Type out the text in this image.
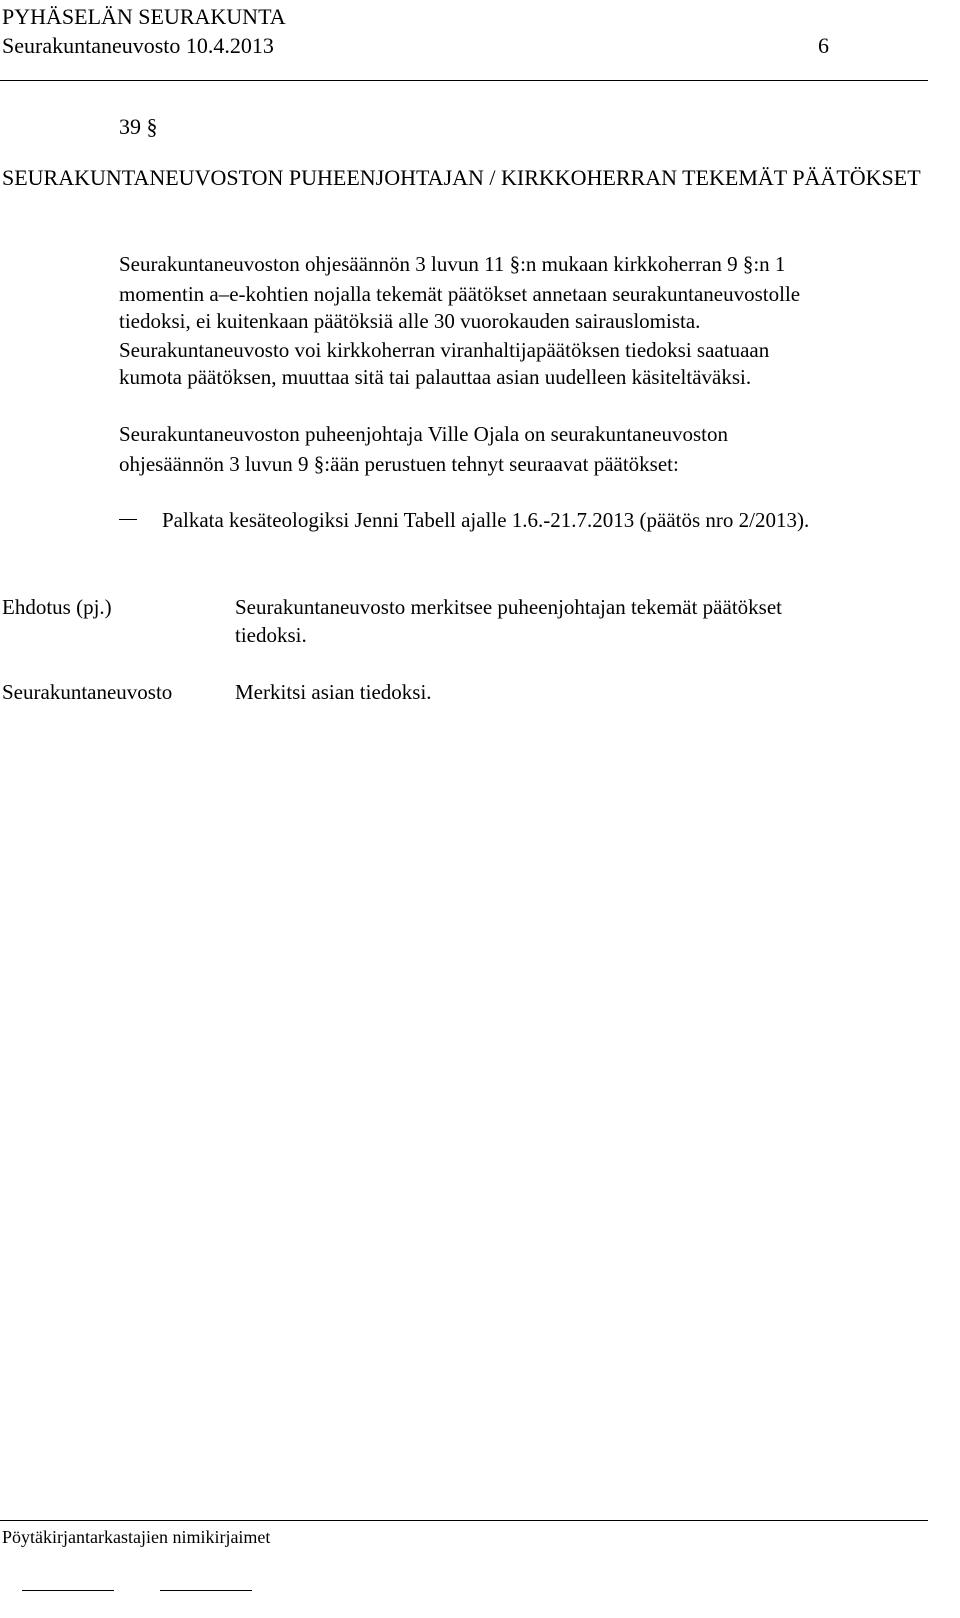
PYHÄSELÄN SEURAKUNTA
Seurakuntaneuvosto 10.4.2013	6
39 §
SEURAKUNTANEUVOSTON PUHEENJOHTAJAN / KIRKKOHERRAN TEKEMÄT PÄÄTÖKSET
Seurakuntaneuvoston ohjesäännön 3 luvun 11 §:n mukaan kirkkoherran 9 §:n 1
momentin a–e-kohtien nojalla tekemät päätökset annetaan seurakuntaneuvostolle
tiedoksi, ei kuitenkaan päätöksiä alle 30 vuorokauden sairauslomista.
Seurakuntaneuvosto voi kirkkoherran viranhaltijapäätöksen tiedoksi saatuaan
kumota päätöksen, muuttaa sitä tai palauttaa asian uudelleen käsiteltäväksi.
Seurakuntaneuvoston puheenjohtaja Ville Ojala on seurakuntaneuvoston
ohjesäännön 3 luvun 9 §:ään perustuen tehnyt seuraavat päätökset:
Palkata kesäteologiksi Jenni Tabell ajalle 1.6.-21.7.2013 (päätös nro 2/2013).
Ehdotus (pj.)	Seurakuntaneuvosto merkitsee puheenjohtajan tekemät päätökset
tiedoksi.
Seurakuntaneuvosto	Merkitsi asian tiedoksi.
Pöytäkirjantarkastajien nimikirjaimet
